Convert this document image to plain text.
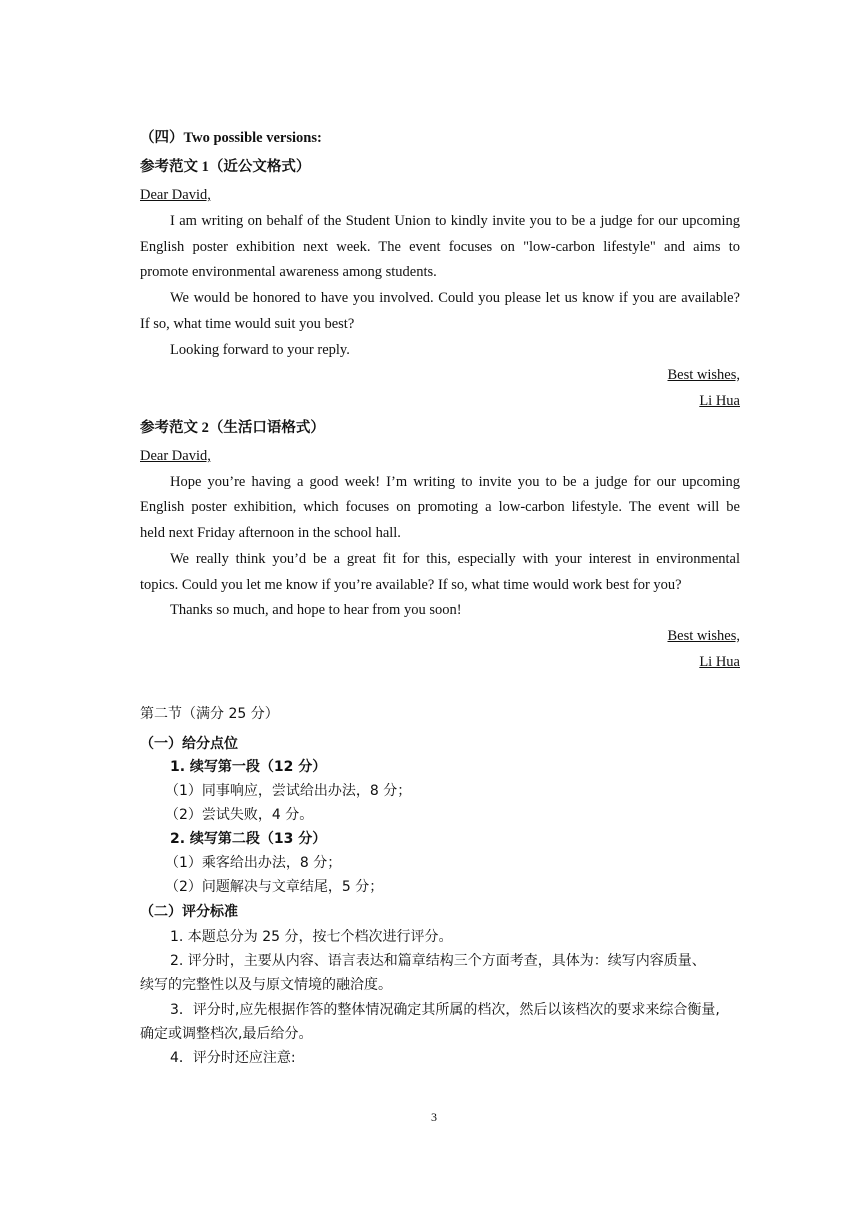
（四）Two possible versions:
参考范文 1（近公文格式）
Dear David,
I am writing on behalf of the Student Union to kindly invite you to be a judge for our upcoming
English poster exhibition next week. The event focuses on "low-carbon lifestyle" and aims to
promote environmental awareness among students.
We would be honored to have you involved. Could you please let us know if you are available?
If so, what time would suit you best?
Looking forward to your reply.
Best wishes,
Li Hua
参考范文 2（生活口语格式）
Dear David,
Hope you’re having a good week! I’m writing to invite you to be a judge for our upcoming
English poster exhibition, which focuses on promoting a low-carbon lifestyle. The event will be
held next Friday afternoon in the school hall.
We really think you’d be a great fit for this, especially with your interest in environmental
topics. Could you let me know if you’re available? If so, what time would work best for you?
Thanks so much, and hope to hear from you soon!
Best wishes,
Li Hua
第二节（满分 25 分）
（一）给分点位
1. 续写第一段（12 分）
（1）同事响应，尝试给出办法，8 分；
（2）尝试失败，4 分。
2. 续写第二段（13 分）
（1）乘客给出办法，8 分；
（2）问题解决与文章结尾，5 分；
（二）评分标准
1. 本题总分为 25 分，按七个档次进行评分。
2. 评分时，主要从内容、语言表达和篇章结构三个方面考查，具体为：续写内容质量、
续写的完整性以及与原文情境的融洽度。
3．评分时,应先根据作答的整体情况确定其所属的档次，然后以该档次的要求来综合衡量,
确定或调整档次,最后给分。
4．评分时还应注意:
3
